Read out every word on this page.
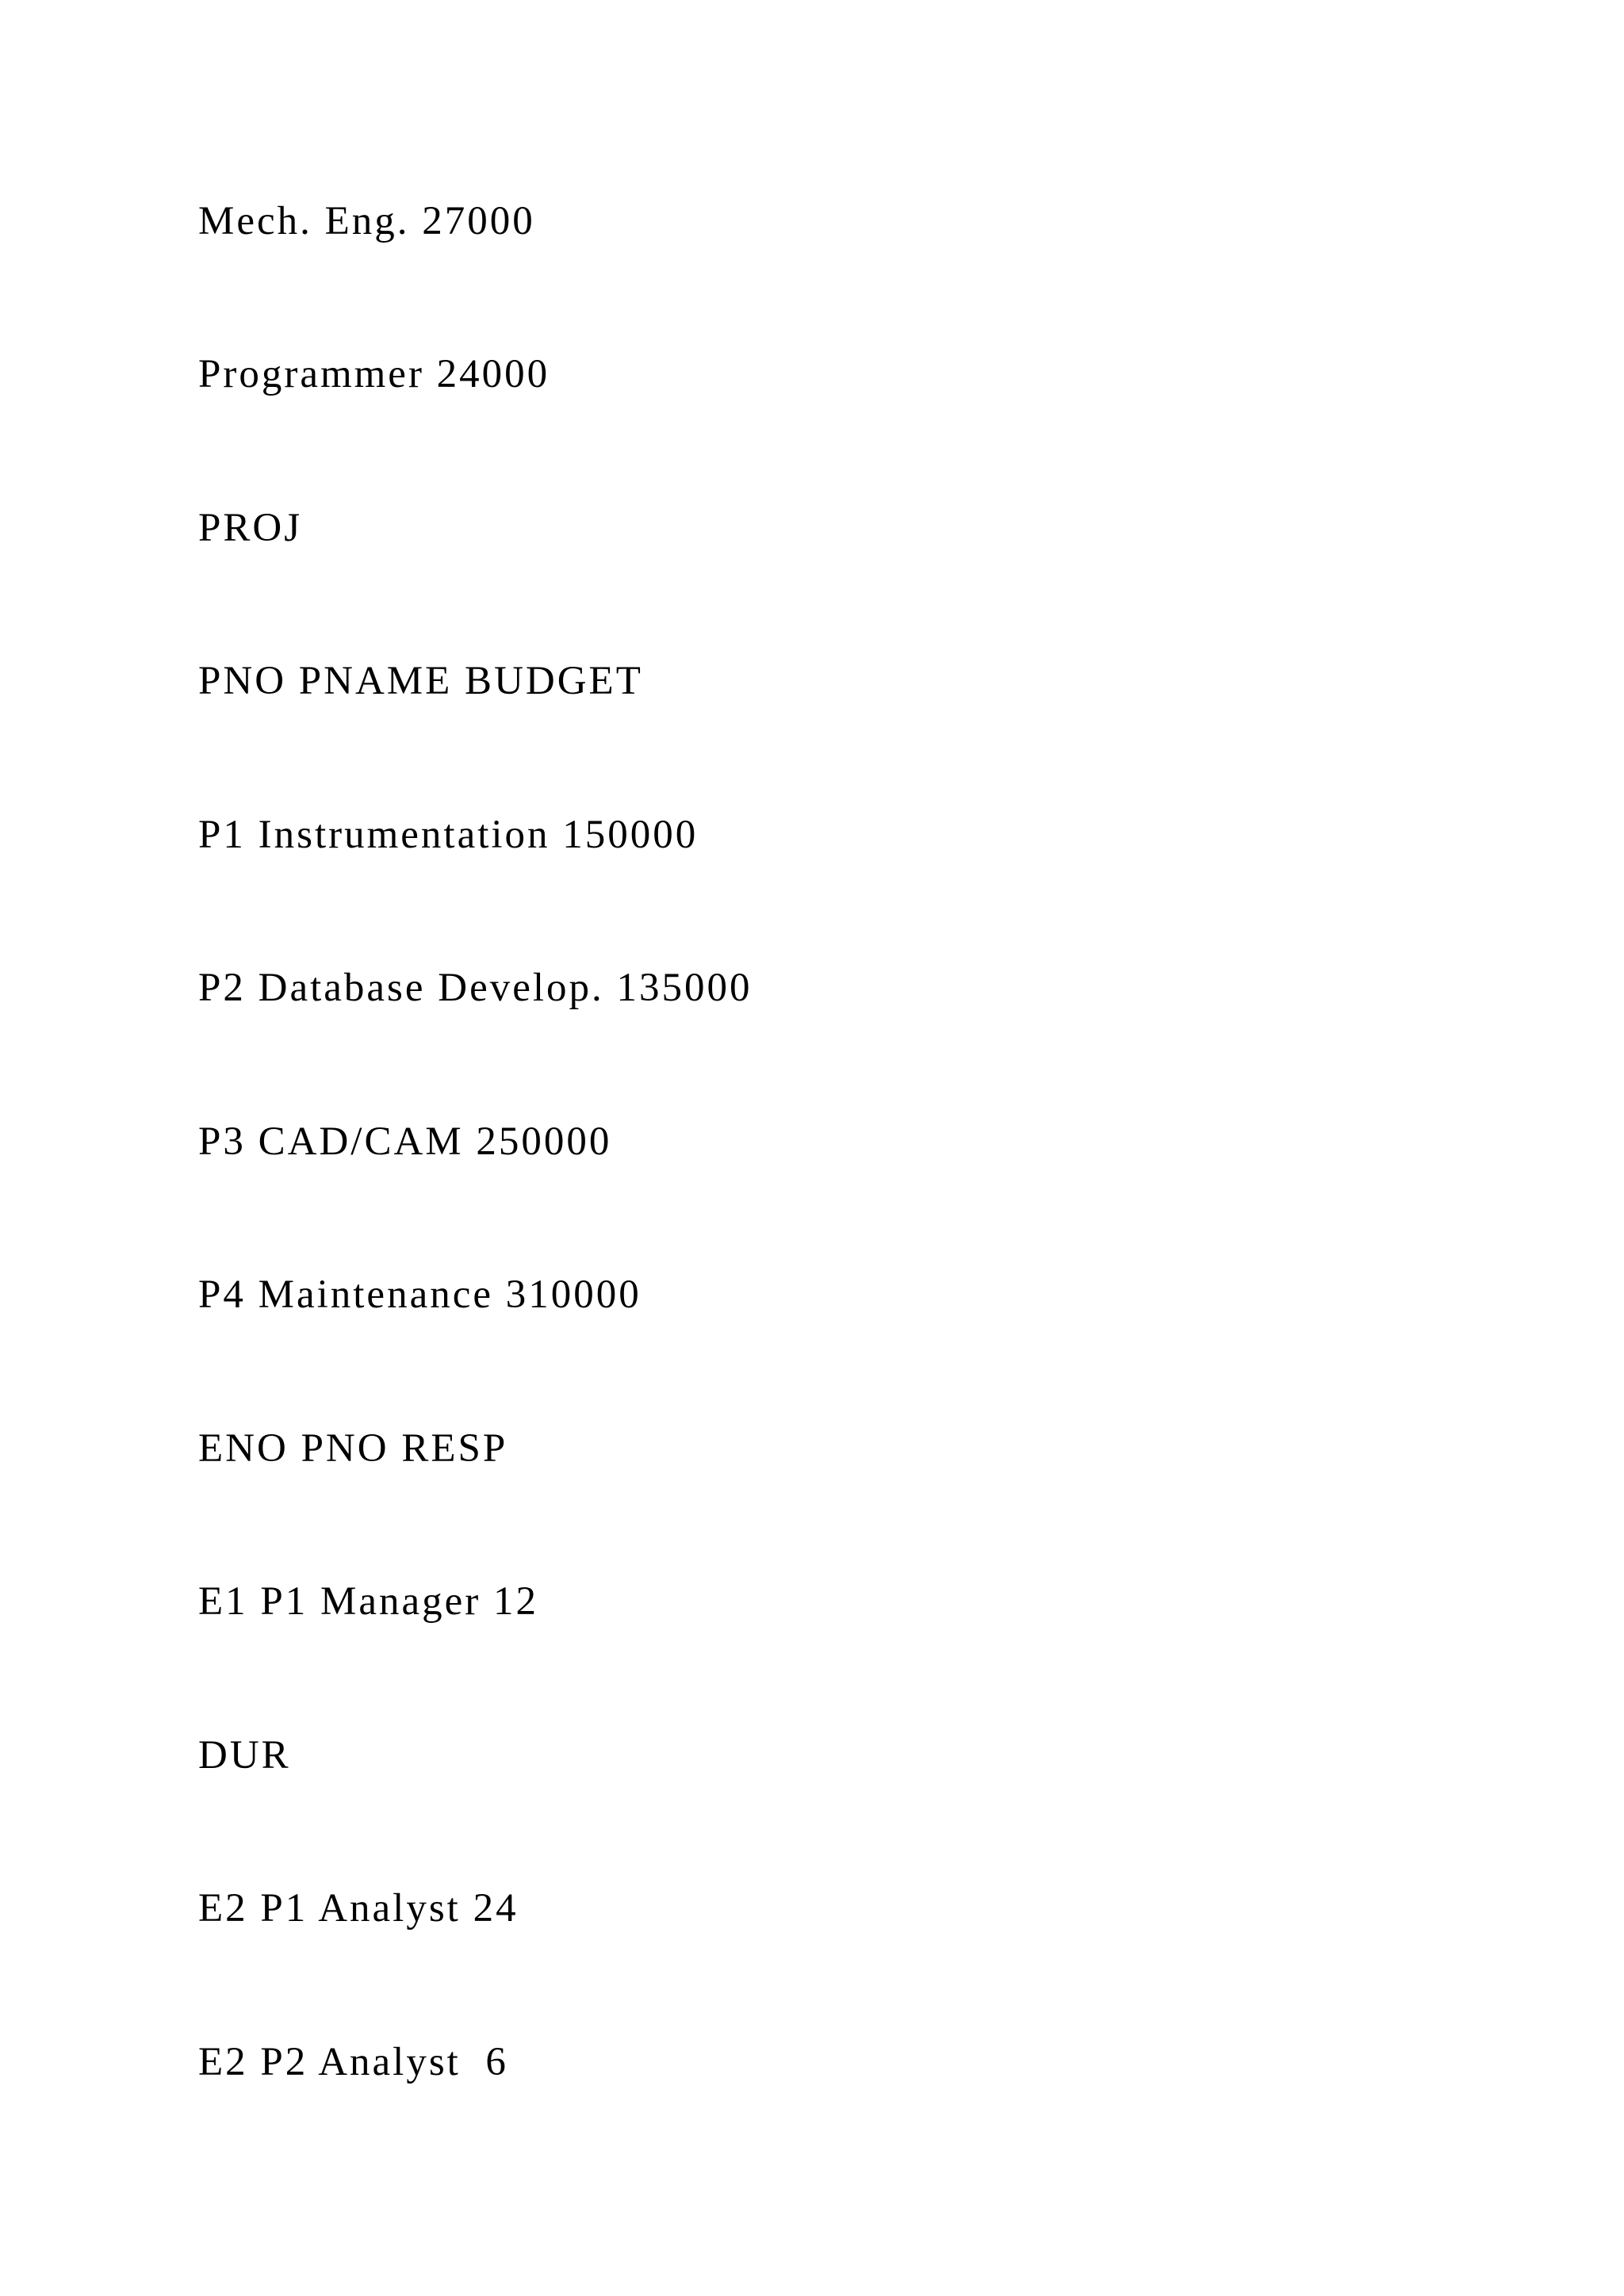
Mech. Eng. 27000

Programmer 24000

PROJ

PNO PNAME BUDGET

P1 Instrumentation 150000

P2 Database Develop. 135000

P3 CAD/CAM 250000

P4 Maintenance 310000

ENO PNO RESP

E1 P1 Manager 12

DUR

E2 P1 Analyst 24

E2 P2 Analyst  6
